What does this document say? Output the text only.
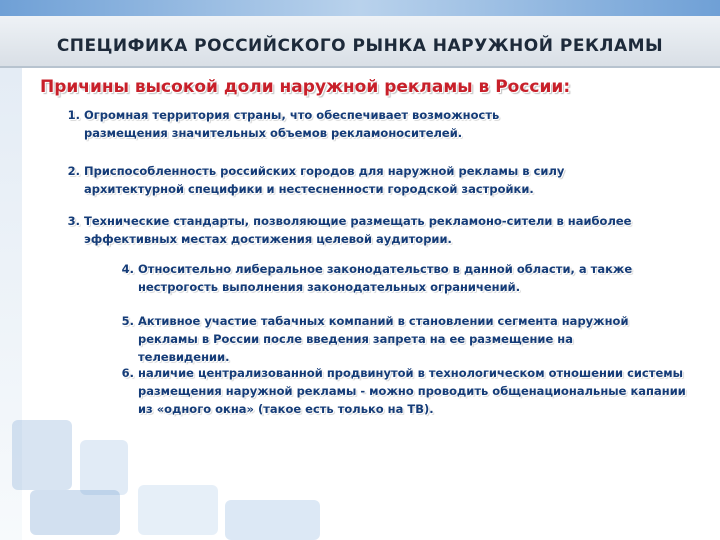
СПЕЦИФИКА РОССИЙСКОГО РЫНКА НАРУЖНОЙ РЕКЛАМЫ
Причины высокой доли наружной рекламы в России:

1. Огромная территория страны, что обеспечивает возможность размещения значительных объемов рекламоносителей.

2. Приспособленность российских городов для наружной рекламы в силу архитектурной специфики и нестесненности городской застройки.

3. Технические стандарты, позволяющие размещать рекламоно-сители в наиболее эффективных местах достижения целевой аудитории.

4. Относительно либеральное законодательство в данной области, а также нестрогость выполнения законодательных ограничений.

5. Активное участие табачных компаний в становлении сегмента наружной рекламы в России после введения запрета на ее размещение на телевидении.

6. наличие централизованной продвинутой в технологическом отношении системы размещения наружной рекламы - можно проводить общенациональные капании из «одного окна» (такое есть только на ТВ).
